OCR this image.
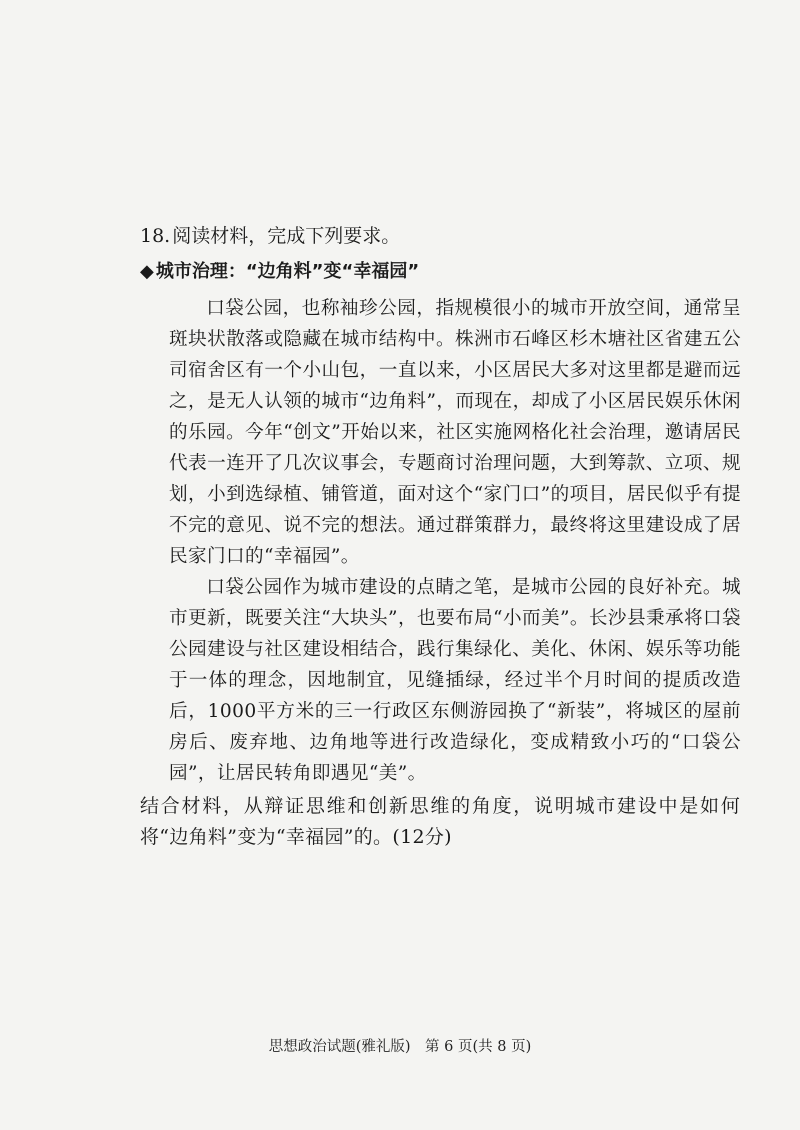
18. 阅读材料，完成下列要求。
◆ 城市治理：“边角料”变“幸福园”

口袋公园，也称袖珍公园，指规模很小的城市开放空间，通常呈斑块状散落或隐藏在城市结构中。株洲市石峰区杉木塘社区省建五公司宿舍区有一个小山包，一直以来，小区居民大多对这里都是避而远之，是无人认领的城市“边角料”，而现在，却成了小区居民娱乐休闲的乐园。今年“创文”开始以来，社区实施网格化社会治理，邀请居民代表一连开了几次议事会，专题商讨治理问题，大到筹款、立项、规划，小到选绿植、铺管道，面对这个“家门口”的项目，居民似乎有提不完的意见、说不完的想法。通过群策群力，最终将这里建设成了居民家门口的“幸福园”。

口袋公园作为城市建设的点睛之笔，是城市公园的良好补充。城市更新，既要关注“大块头”，也要布局“小而美”。长沙县秉承将口袋公园建设与社区建设相结合，践行集绿化、美化、休闲、娱乐等功能于一体的理念，因地制宜，见缝插绿，经过半个月时间的提质改造后，1000平方米的三一行政区东侧游园换了“新装”，将城区的屋前房后、废弃地、边角地等进行改造绿化，变成精致小巧的“口袋公园”，让居民转角即遇见“美”。

结合材料，从辩证思维和创新思维的角度，说明城市建设中是如何将“边角料”变为“幸福园”的。(12分)
思想政治试题(雅礼版)　第 6 页(共 8 页)
